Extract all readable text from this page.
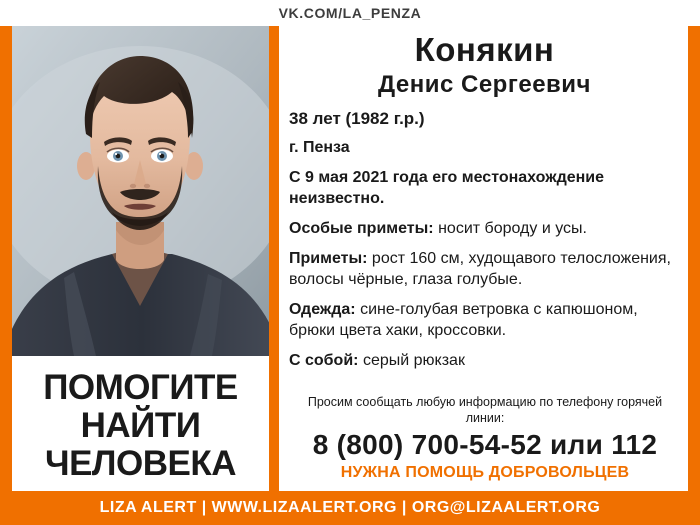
VK.COM/LA_PENZA
ПОМОГИТЕ
НАЙТИ
ЧЕЛОВЕКА
Конякин
Денис Сергеевич
38 лет (1982 г.р.)
г. Пенза
С 9 мая 2021 года его местонахождение неизвестно.
Особые приметы: носит бороду и усы.
Приметы: рост 160 см, худощавого телосложения, волосы чёрные, глаза голубые.
Одежда: сине-голубая ветровка с капюшоном, брюки цвета хаки, кроссовки.
С собой: серый рюкзак
Просим сообщать любую информацию по телефону горячей линии:
8 (800) 700-54-52 или 112
НУЖНА ПОМОЩЬ ДОБРОВОЛЬЦЕВ
LIZA ALERT | WWW.LIZAALERT.ORG | ORG@LIZAALERT.ORG
